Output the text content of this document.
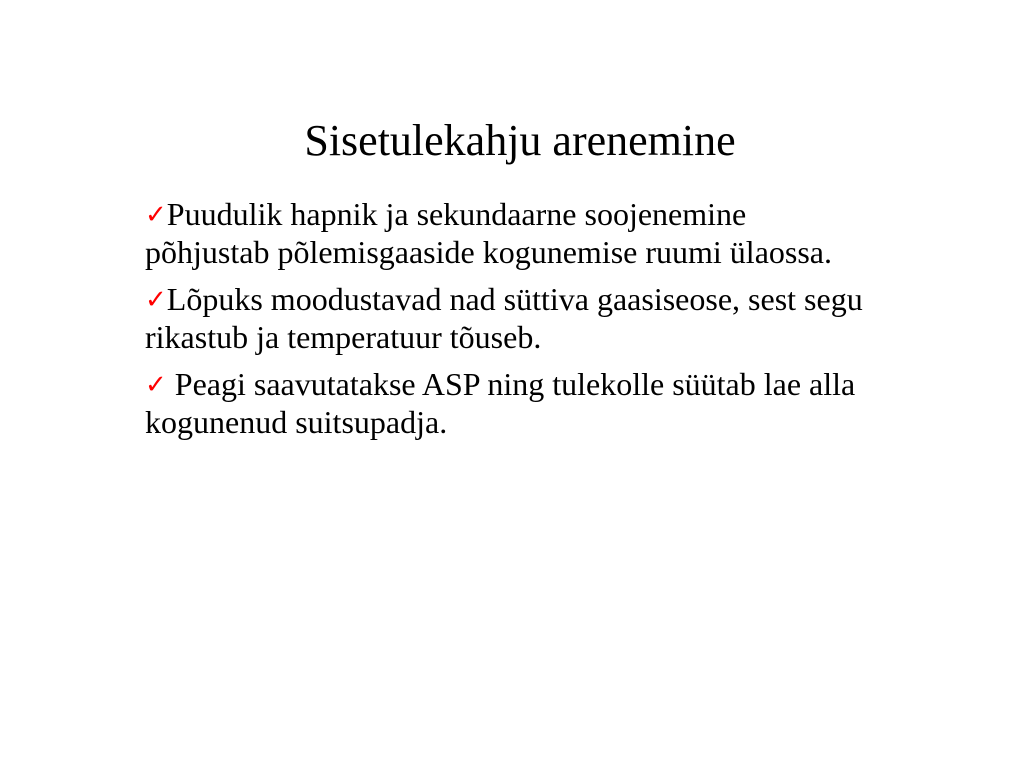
Sisetulekahju arenemine
✓Puudulik hapnik ja sekundaarne soojenemine põhjustab põlemisgaaside kogunemise ruumi ülaossa.
✓Lõpuks moodustavad nad süttiva gaasiseose, sest segu rikastub ja temperatuur tõuseb.
✓ Peagi saavutatakse ASP ning tulekolle süütab lae alla kogunenud suitsupadja.
